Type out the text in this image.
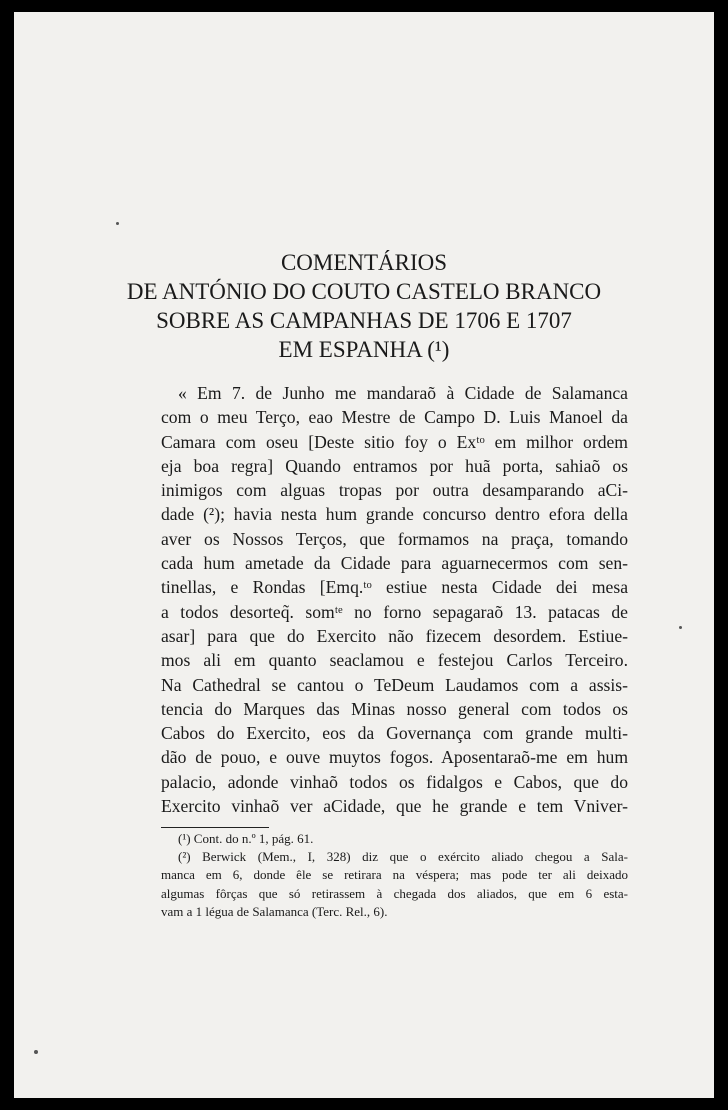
COMENTÁRIOS
DE ANTÓNIO DO COUTO CASTELO BRANCO
SOBRE AS CAMPANHAS DE 1706 E 1707
EM ESPANHA (¹)
« Em 7. de Junho me mandaraõ à Cidade de Salamanca
com o meu Terço, eao Mestre de Campo D. Luis Manoel da
Camara com oseu [Deste sitio foy o Exᵗᵒ em milhor ordem
eja boa regra] Quando entramos por huã porta, sahiaõ os
inimigos com alguas tropas por outra desamparando aCi-
dade (²); havia nesta hum grande concurso dentro efora della
aver os Nossos Terços, que formamos na praça, tomando
cada hum ametade da Cidade para aguarnecermos com sen-
tinellas, e Rondas [Emq.ᵗᵒ estiue nesta Cidade dei mesa
a todos desorteq̃. somᵗᵉ no forno sepagaraõ 13. patacas de
asar] para que do Exercito não fizecem desordem. Estiue-
mos ali em quanto seaclamou e festejou Carlos Terceiro.
Na Cathedral se cantou o TeDeum Laudamos com a assis-
tencia do Marques das Minas nosso general com todos os
Cabos do Exercito, eos da Governança com grande multi-
dão de pouo, e ouve muytos fogos. Aposentaraõ-me em hum
palacio, adonde vinhaõ todos os fidalgos e Cabos, que do
Exercito vinhaõ ver aCidade, que he grande e tem Vniver-
(¹) Cont. do n.º 1, pág. 61.
(²) Berwick (Mem., I, 328) diz que o exército aliado chegou a Sala-
manca em 6, donde êle se retirara na véspera; mas pode ter ali deixado
algumas fôrças que só retirassem à chegada dos aliados, que em 6 esta-
vam a 1 légua de Salamanca (Terc. Rel., 6).
